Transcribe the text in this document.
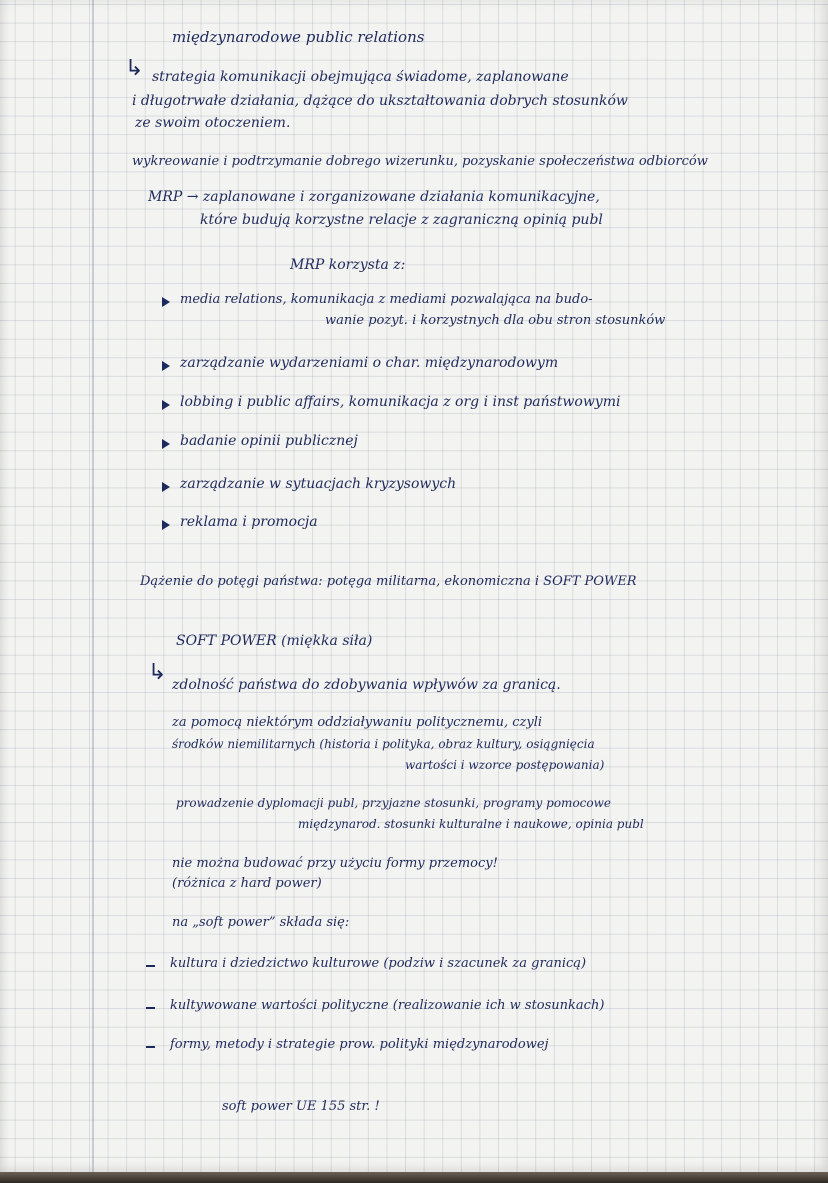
międzynarodowe public relations
↳ strategia komunikacji obejmująca świadome, zaplanowane
i długotrwałe działania, dążące do ukształtowania dobrych stosunków
ze swoim otoczeniem.
wykreowanie i podtrzymanie dobrego wizerunku, pozyskanie społeczeństwa odbiorców
MRP → zaplanowane i zorganizowane działania komunikacyjne,
które budują korzystne relacje z zagraniczną opinią publ
MRP korzysta z:
media relations, komunikacja z mediami pozwalająca na budo-
wanie pozyt. i korzystnych dla obu stron stosunków
zarządzanie wydarzeniami o char. międzynarodowym
lobbing i public affairs, komunikacja z org i inst państwowymi
badanie opinii publicznej
zarządzanie w sytuacjach kryzysowych
reklama i promocja
Dążenie do potęgi państwa: potęga militarna, ekonomiczna i SOFT POWER
SOFT POWER (miękka siła)
↳ zdolność państwa do zdobywania wpływów za granicą.
za pomocą niektórym oddziaływaniu politycznemu, czyli
środków niemilitarnych (historia i polityka, obraz kultury, osiągnięcia
wartości i wzorce postępowania)
prowadzenie dyplomacji publ, przyjazne stosunki, programy pomocowe
międzynarod. stosunki kulturalne i naukowe, opinia publ
nie można budować przy użyciu formy przemocy!
(różnica z hard power)
na „soft power” składa się:
kultura i dziedzictwo kulturowe (podziw i szacunek za granicą)
kultywowane wartości polityczne (realizowanie ich w stosunkach)
formy, metody i strategie prow. polityki międzynarodowej
soft power UE 155 str. !
